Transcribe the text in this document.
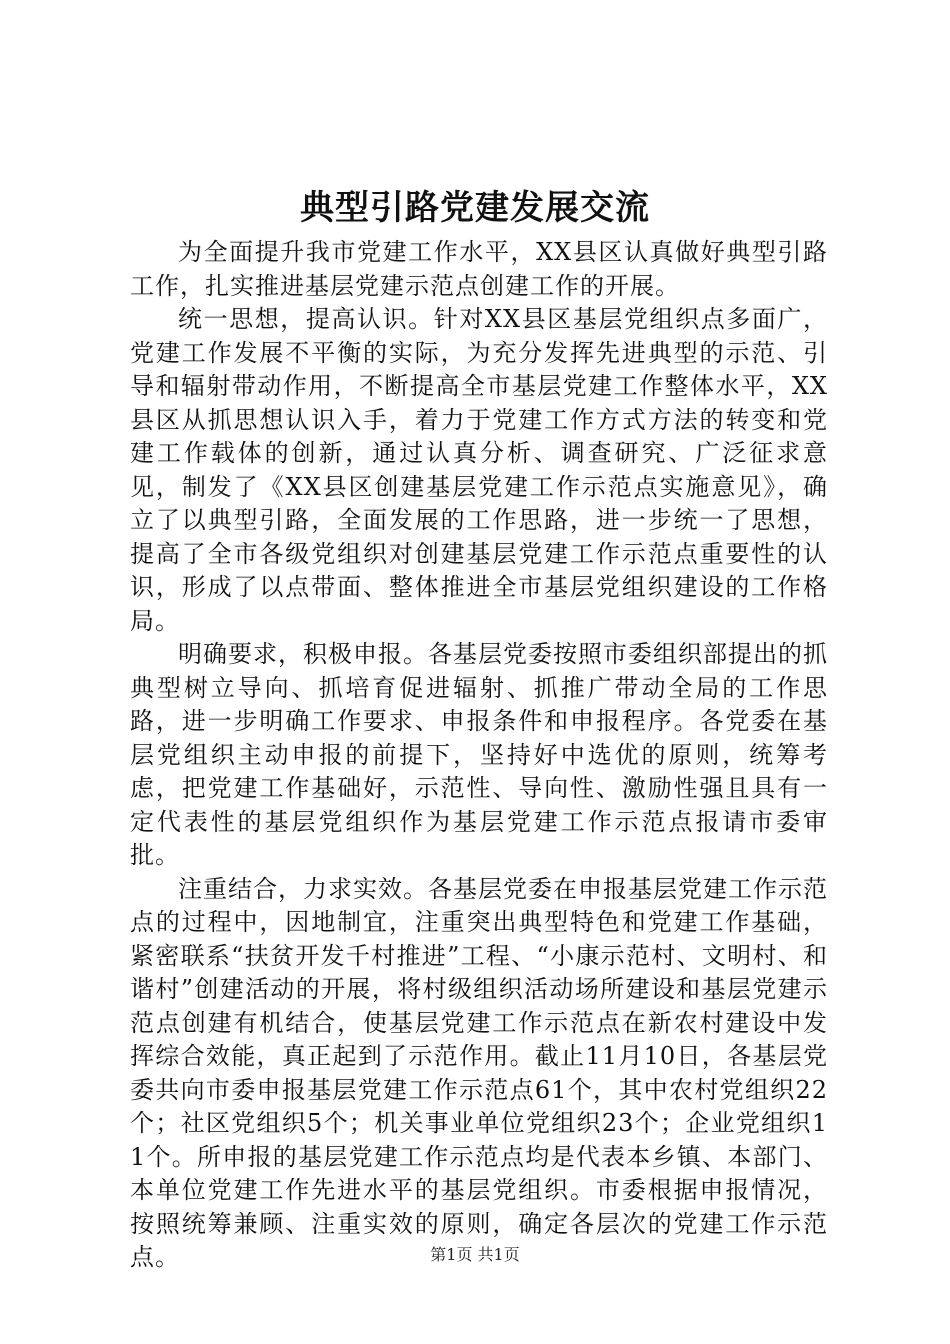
典型引路党建发展交流

为全面提升我市党建工作水平，XX县区认真做好典型引路工作，扎实推进基层党建示范点创建工作的开展。

统一思想，提高认识。针对XX县区基层党组织点多面广，党建工作发展不平衡的实际，为充分发挥先进典型的示范、引导和辐射带动作用，不断提高全市基层党建工作整体水平，XX县区从抓思想认识入手，着力于党建工作方式方法的转变和党建工作载体的创新，通过认真分析、调查研究、广泛征求意见，制发了《XX县区创建基层党建工作示范点实施意见》，确立了以典型引路，全面发展的工作思路，进一步统一了思想，提高了全市各级党组织对创建基层党建工作示范点重要性的认识，形成了以点带面、整体推进全市基层党组织建设的工作格局。

明确要求，积极申报。各基层党委按照市委组织部提出的抓典型树立导向、抓培育促进辐射、抓推广带动全局的工作思路，进一步明确工作要求、申报条件和申报程序。各党委在基层党组织主动申报的前提下，坚持好中选优的原则，统筹考虑，把党建工作基础好，示范性、导向性、激励性强且具有一定代表性的基层党组织作为基层党建工作示范点报请市委审批。

注重结合，力求实效。各基层党委在申报基层党建工作示范点的过程中，因地制宜，注重突出典型特色和党建工作基础，紧密联系“扶贫开发千村推进”工程、“小康示范村、文明村、和谐村”创建活动的开展，将村级组织活动场所建设和基层党建示范点创建有机结合，使基层党建工作示范点在新农村建设中发挥综合效能，真正起到了示范作用。截止11月10日，各基层党委共向市委申报基层党建工作示范点61个，其中农村党组织22个；社区党组织5个；机关事业单位党组织23个；企业党组织11个。所申报的基层党建工作示范点均是代表本乡镇、本部门、本单位党建工作先进水平的基层党组织。市委根据申报情况，按照统筹兼顾、注重实效的原则，确定各层次的党建工作示范点。	第1页 共1页
